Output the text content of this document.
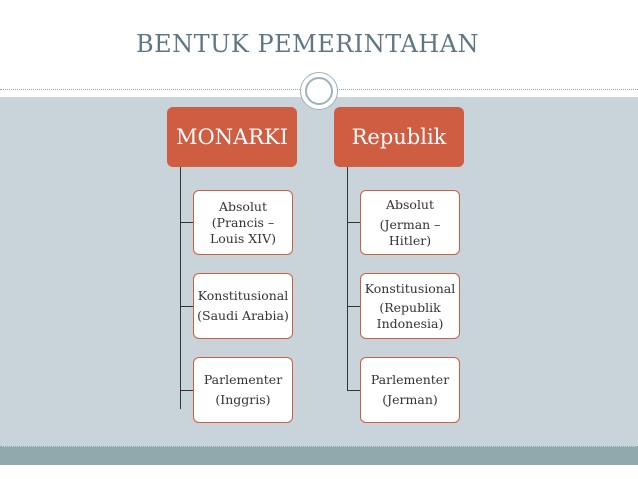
BENTUK PEMERINTAHAN
MONARKI
Absolut
(Prancis –
Louis XIV)
Konstitusional
(Saudi Arabia)
Parlementer
(Inggris)
Republik
Absolut
(Jerman –
Hitler)
Konstitusional
(Republik
Indonesia)
Parlementer
(Jerman)
